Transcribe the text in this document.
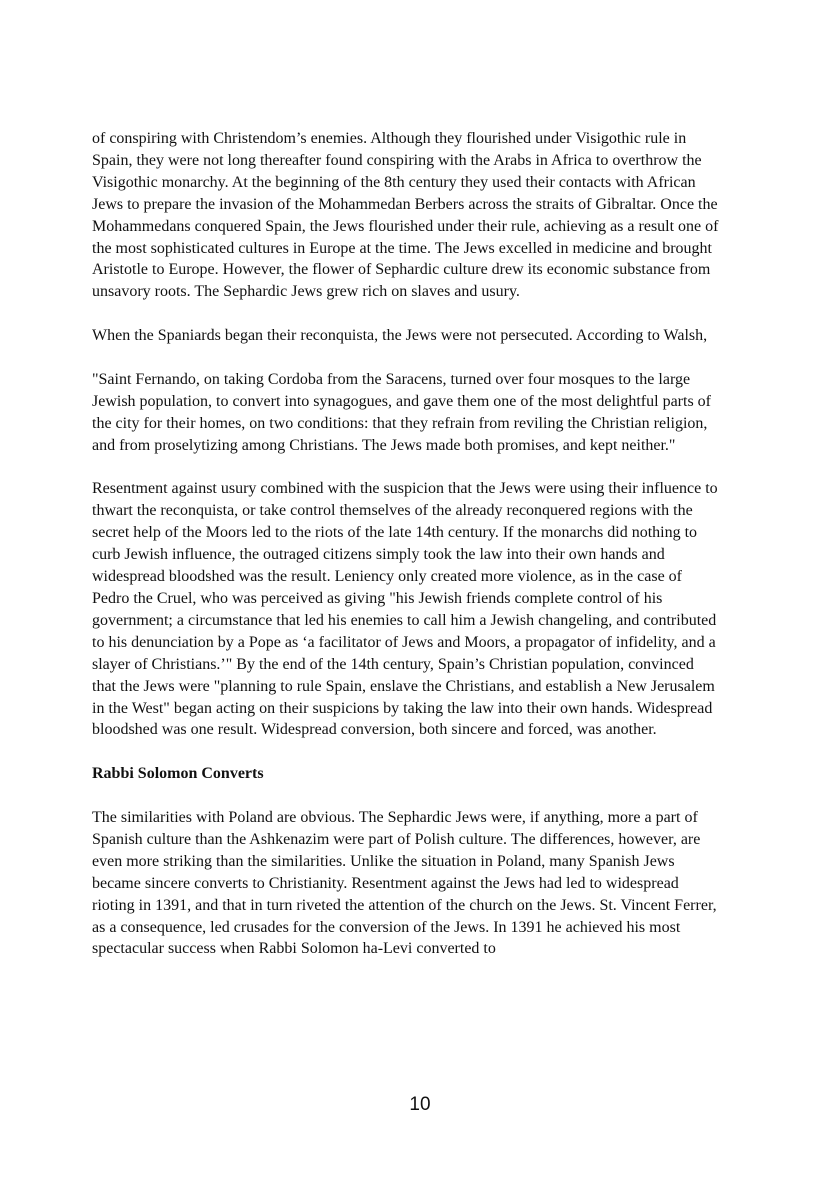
of conspiring with Christendom’s enemies. Although they flourished under Visigothic rule in Spain, they were not long thereafter found conspiring with the Arabs in Africa to overthrow the Visigothic monarchy. At the beginning of the 8th century they used their contacts with African Jews to prepare the invasion of the Mohammedan Berbers across the straits of Gibraltar. Once the Mohammedans conquered Spain, the Jews flourished under their rule, achieving as a result one of the most sophisticated cultures in Europe at the time. The Jews excelled in medicine and brought Aristotle to Europe. However, the flower of Sephardic culture drew its economic substance from unsavory roots. The Sephardic Jews grew rich on slaves and usury.

When the Spaniards began their reconquista, the Jews were not persecuted. According to Walsh,

"Saint Fernando, on taking Cordoba from the Saracens, turned over four mosques to the large Jewish population, to convert into synagogues, and gave them one of the most delightful parts of the city for their homes, on two conditions: that they refrain from reviling the Christian religion, and from proselytizing among Christians. The Jews made both promises, and kept neither."

Resentment against usury combined with the suspicion that the Jews were using their influence to thwart the reconquista, or take control themselves of the already reconquered regions with the secret help of the Moors led to the riots of the late 14th century. If the monarchs did nothing to curb Jewish influence, the outraged citizens simply took the law into their own hands and widespread bloodshed was the result. Leniency only created more violence, as in the case of Pedro the Cruel, who was perceived as giving "his Jewish friends complete control of his government; a circumstance that led his enemies to call him a Jewish changeling, and contributed to his denunciation by a Pope as ‘a facilitator of Jews and Moors, a propagator of infidelity, and a slayer of Christians.’" By the end of the 14th century, Spain’s Christian population, convinced that the Jews were "planning to rule Spain, enslave the Christians, and establish a New Jerusalem in the West" began acting on their suspicions by taking the law into their own hands. Widespread bloodshed was one result. Widespread conversion, both sincere and forced, was another.

Rabbi Solomon Converts

The similarities with Poland are obvious. The Sephardic Jews were, if anything, more a part of Spanish culture than the Ashkenazim were part of Polish culture. The differences, however, are even more striking than the similarities. Unlike the situation in Poland, many Spanish Jews became sincere converts to Christianity. Resentment against the Jews had led to widespread rioting in 1391, and that in turn riveted the attention of the church on the Jews. St. Vincent Ferrer, as a consequence, led crusades for the conversion of the Jews. In 1391 he achieved his most spectacular success when Rabbi Solomon ha-Levi converted to

10
